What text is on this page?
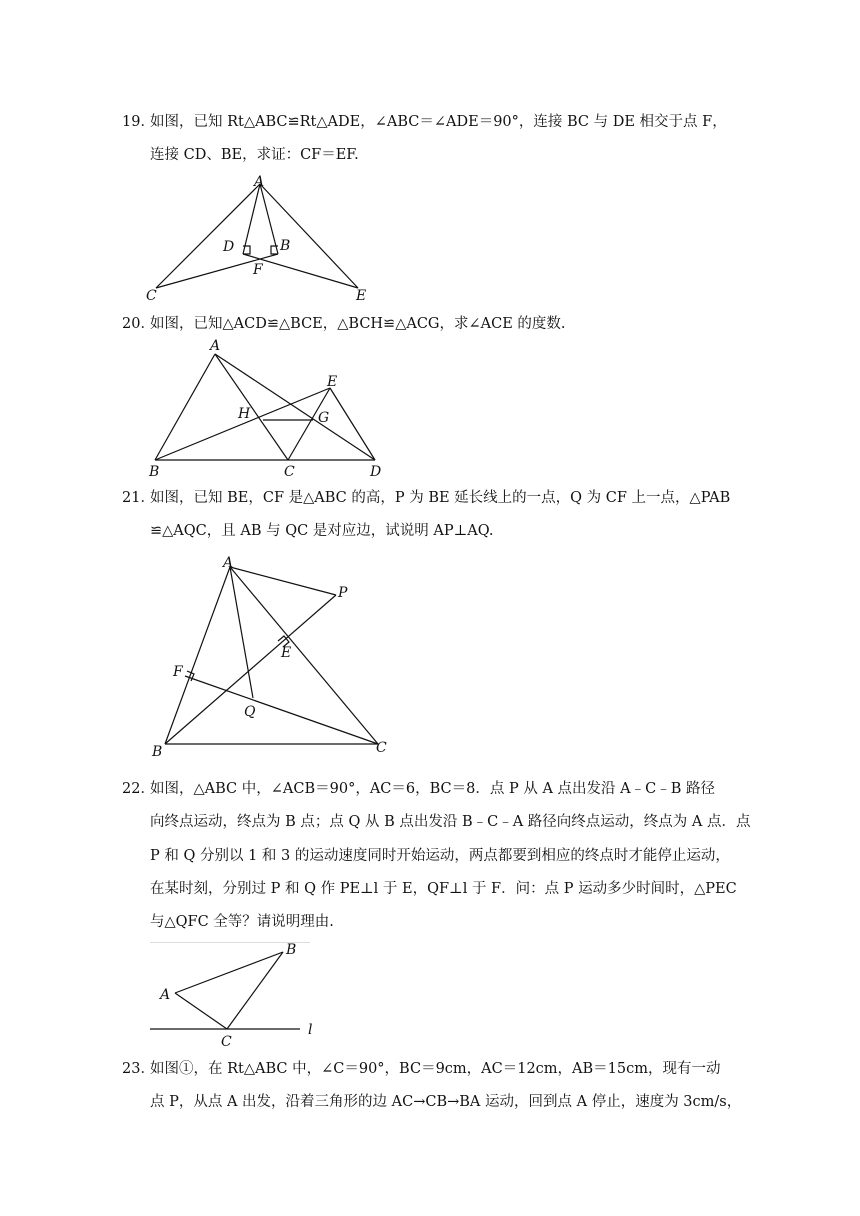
19．
如图，已知 Rt△ABC≌Rt△ADE，∠ABC＝∠ADE＝90°，连接 BC 与 DE 相交于点 F，
连接 CD、BE，求证：CF＝EF.
A
D	B
F
C	E
20．
如图，已知△ACD≌△BCE，△BCH≌△ACG，求∠ACE 的度数.
A
E
H	G
B	C	D
21．
如图，已知 BE，CF 是△ABC 的高，P 为 BE 延长线上的一点，Q 为 CF 上一点，△PAB
≌△AQC，且 AB 与 QC 是对应边，试说明 AP⊥AQ.
A
P
E
F
Q
B	C
22．
如图，△ABC 中，∠ACB＝90°，AC＝6，BC＝8．点 P 从 A 点出发沿 A﹣C﹣B 路径
向终点运动，终点为 B 点；点 Q 从 B 点出发沿 B﹣C﹣A 路径向终点运动，终点为 A 点．点
P 和 Q 分别以 1 和 3 的运动速度同时开始运动，两点都要到相应的终点时才能停止运动，
在某时刻，分别过 P 和 Q 作 PE⊥l 于 E，QF⊥l 于 F．问：点 P 运动多少时间时，△PEC
与△QFC 全等？请说明理由.
B
A
C
l
23．
如图①，在 Rt△ABC 中，∠C＝90°，BC＝9cm，AC＝12cm，AB＝15cm，现有一动
点 P，从点 A 出发，沿着三角形的边 AC→CB→BA 运动，回到点 A 停止，速度为 3cm/s，
